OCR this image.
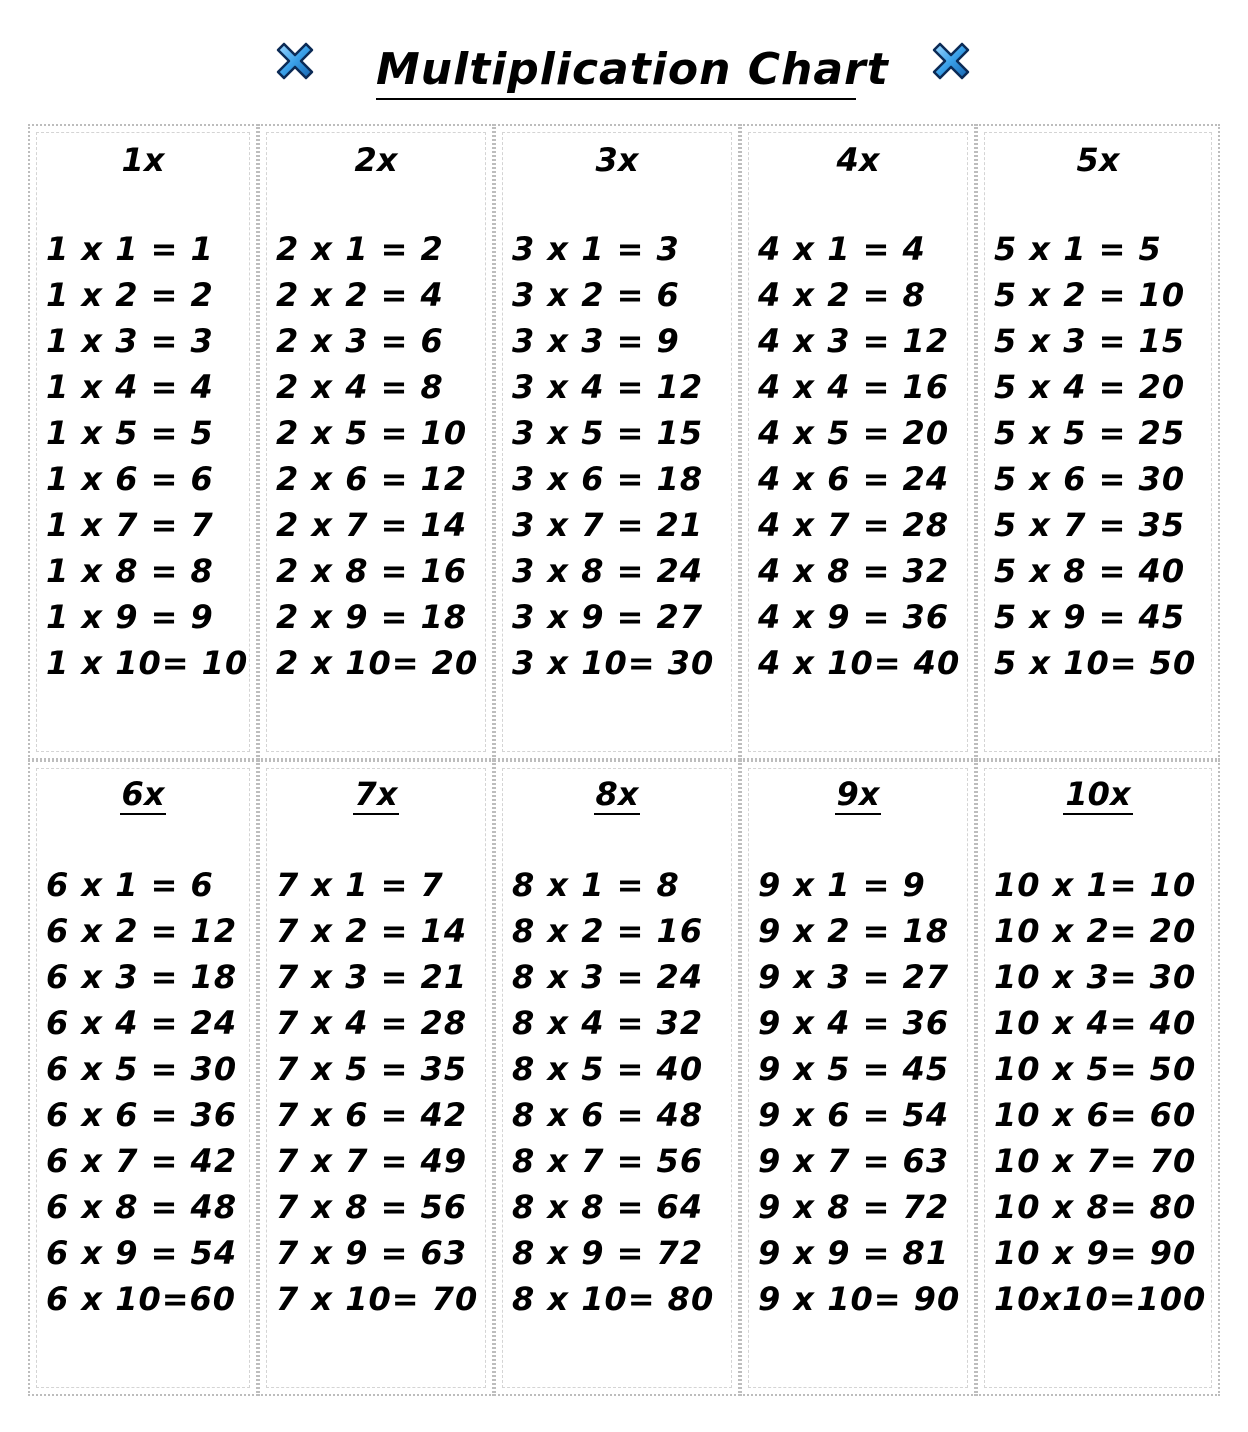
Multiplication Chart
1x
1 x 1 = 1
1 x 2 = 2
1 x 3 = 3
1 x 4 = 4
1 x 5 = 5
1 x 6 = 6
1 x 7 = 7
1 x 8 = 8
1 x 9 = 9
1 x 10= 10
2x
2 x 1 = 2
2 x 2 = 4
2 x 3 = 6
2 x 4 = 8
2 x 5 = 10
2 x 6 = 12
2 x 7 = 14
2 x 8 = 16
2 x 9 = 18
2 x 10= 20
3x
3 x 1 = 3
3 x 2 = 6
3 x 3 = 9
3 x 4 = 12
3 x 5 = 15
3 x 6 = 18
3 x 7 = 21
3 x 8 = 24
3 x 9 = 27
3 x 10= 30
4x
4 x 1 = 4
4 x 2 = 8
4 x 3 = 12
4 x 4 = 16
4 x 5 = 20
4 x 6 = 24
4 x 7 = 28
4 x 8 = 32
4 x 9 = 36
4 x 10= 40
5x
5 x 1 = 5
5 x 2 = 10
5 x 3 = 15
5 x 4 = 20
5 x 5 = 25
5 x 6 = 30
5 x 7 = 35
5 x 8 = 40
5 x 9 = 45
5 x 10= 50
6x
6 x 1 = 6
6 x 2 = 12
6 x 3 = 18
6 x 4 = 24
6 x 5 = 30
6 x 6 = 36
6 x 7 = 42
6 x 8 = 48
6 x 9 = 54
6 x 10=60
7x
7 x 1 = 7
7 x 2 = 14
7 x 3 = 21
7 x 4 = 28
7 x 5 = 35
7 x 6 = 42
7 x 7 = 49
7 x 8 = 56
7 x 9 = 63
7 x 10= 70
8x
8 x 1 = 8
8 x 2 = 16
8 x 3 = 24
8 x 4 = 32
8 x 5 = 40
8 x 6 = 48
8 x 7 = 56
8 x 8 = 64
8 x 9 = 72
8 x 10= 80
9x
9 x 1 = 9
9 x 2 = 18
9 x 3 = 27
9 x 4 = 36
9 x 5 = 45
9 x 6 = 54
9 x 7 = 63
9 x 8 = 72
9 x 9 = 81
9 x 10= 90
10x
10 x 1= 10
10 x 2= 20
10 x 3= 30
10 x 4= 40
10 x 5= 50
10 x 6= 60
10 x 7= 70
10 x 8= 80
10 x 9= 90
10x10=100
